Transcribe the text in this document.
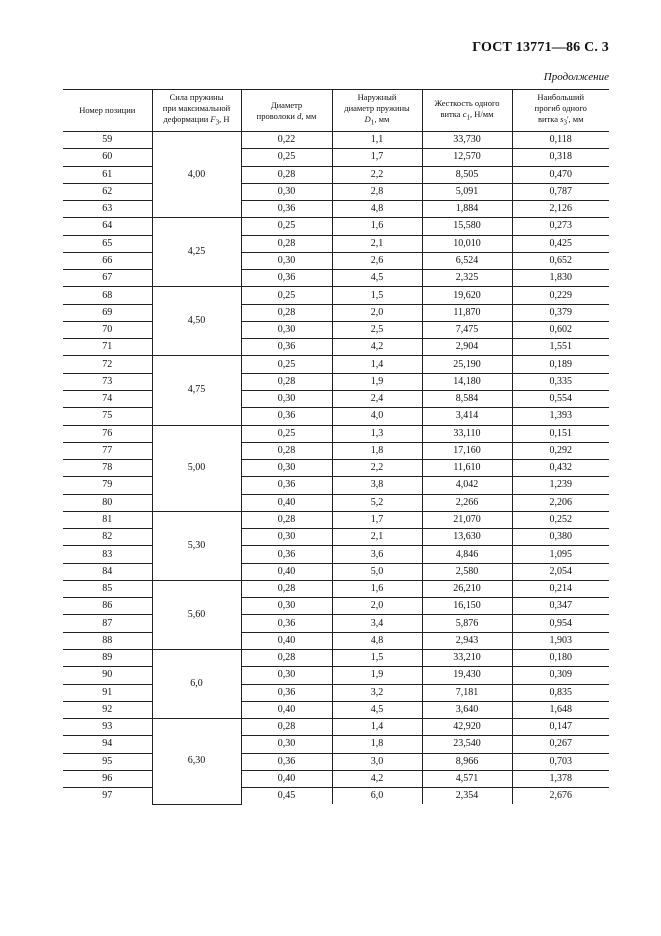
ГОСТ 13771—86 С. 3
Продолжение
Номер позиции	Сила пружины
при максимальной
деформации $F_3$, Н	Диаметр
проволоки d, мм	Наружный
диаметр пружины
$D_1$, мм	Жесткость одного
витка $c_1$, Н/мм	Наибольший
прогиб одного
витка $s_3'$, мм
59	4,00	0,22	1,1	33,730	0,118
60		0,25	1,7	12,570	0,318
61		0,28	2,2	8,505	0,470
62		0,30	2,8	5,091	0,787
63		0,36	4,8	1,884	2,126
64	4,25	0,25	1,6	15,580	0,273
65		0,28	2,1	10,010	0,425
66		0,30	2,6	6,524	0,652
67		0,36	4,5	2,325	1,830
68	4,50	0,25	1,5	19,620	0,229
69		0,28	2,0	11,870	0,379
70		0,30	2,5	7,475	0,602
71		0,36	4,2	2,904	1,551
72	4,75	0,25	1,4	25,190	0,189
73		0,28	1,9	14,180	0,335
74		0,30	2,4	8,584	0,554
75		0,36	4,0	3,414	1,393
76	5,00	0,25	1,3	33,110	0,151
77		0,28	1,8	17,160	0,292
78		0,30	2,2	11,610	0,432
79		0,36	3,8	4,042	1,239
80		0,40	5,2	2,266	2,206
81	5,30	0,28	1,7	21,070	0,252
82		0,30	2,1	13,630	0,380
83		0,36	3,6	4,846	1,095
84		0,40	5,0	2,580	2,054
85	5,60	0,28	1,6	26,210	0,214
86		0,30	2,0	16,150	0,347
87		0,36	3,4	5,876	0,954
88		0,40	4,8	2,943	1,903
89	6,0	0,28	1,5	33,210	0,180
90		0,30	1,9	19,430	0,309
91		0,36	3,2	7,181	0,835
92		0,40	4,5	3,640	1,648
93	6,30	0,28	1,4	42,920	0,147
94		0,30	1,8	23,540	0,267
95		0,36	3,0	8,966	0,703
96		0,40	4,2	4,571	1,378
97		0,45	6,0	2,354	2,676
